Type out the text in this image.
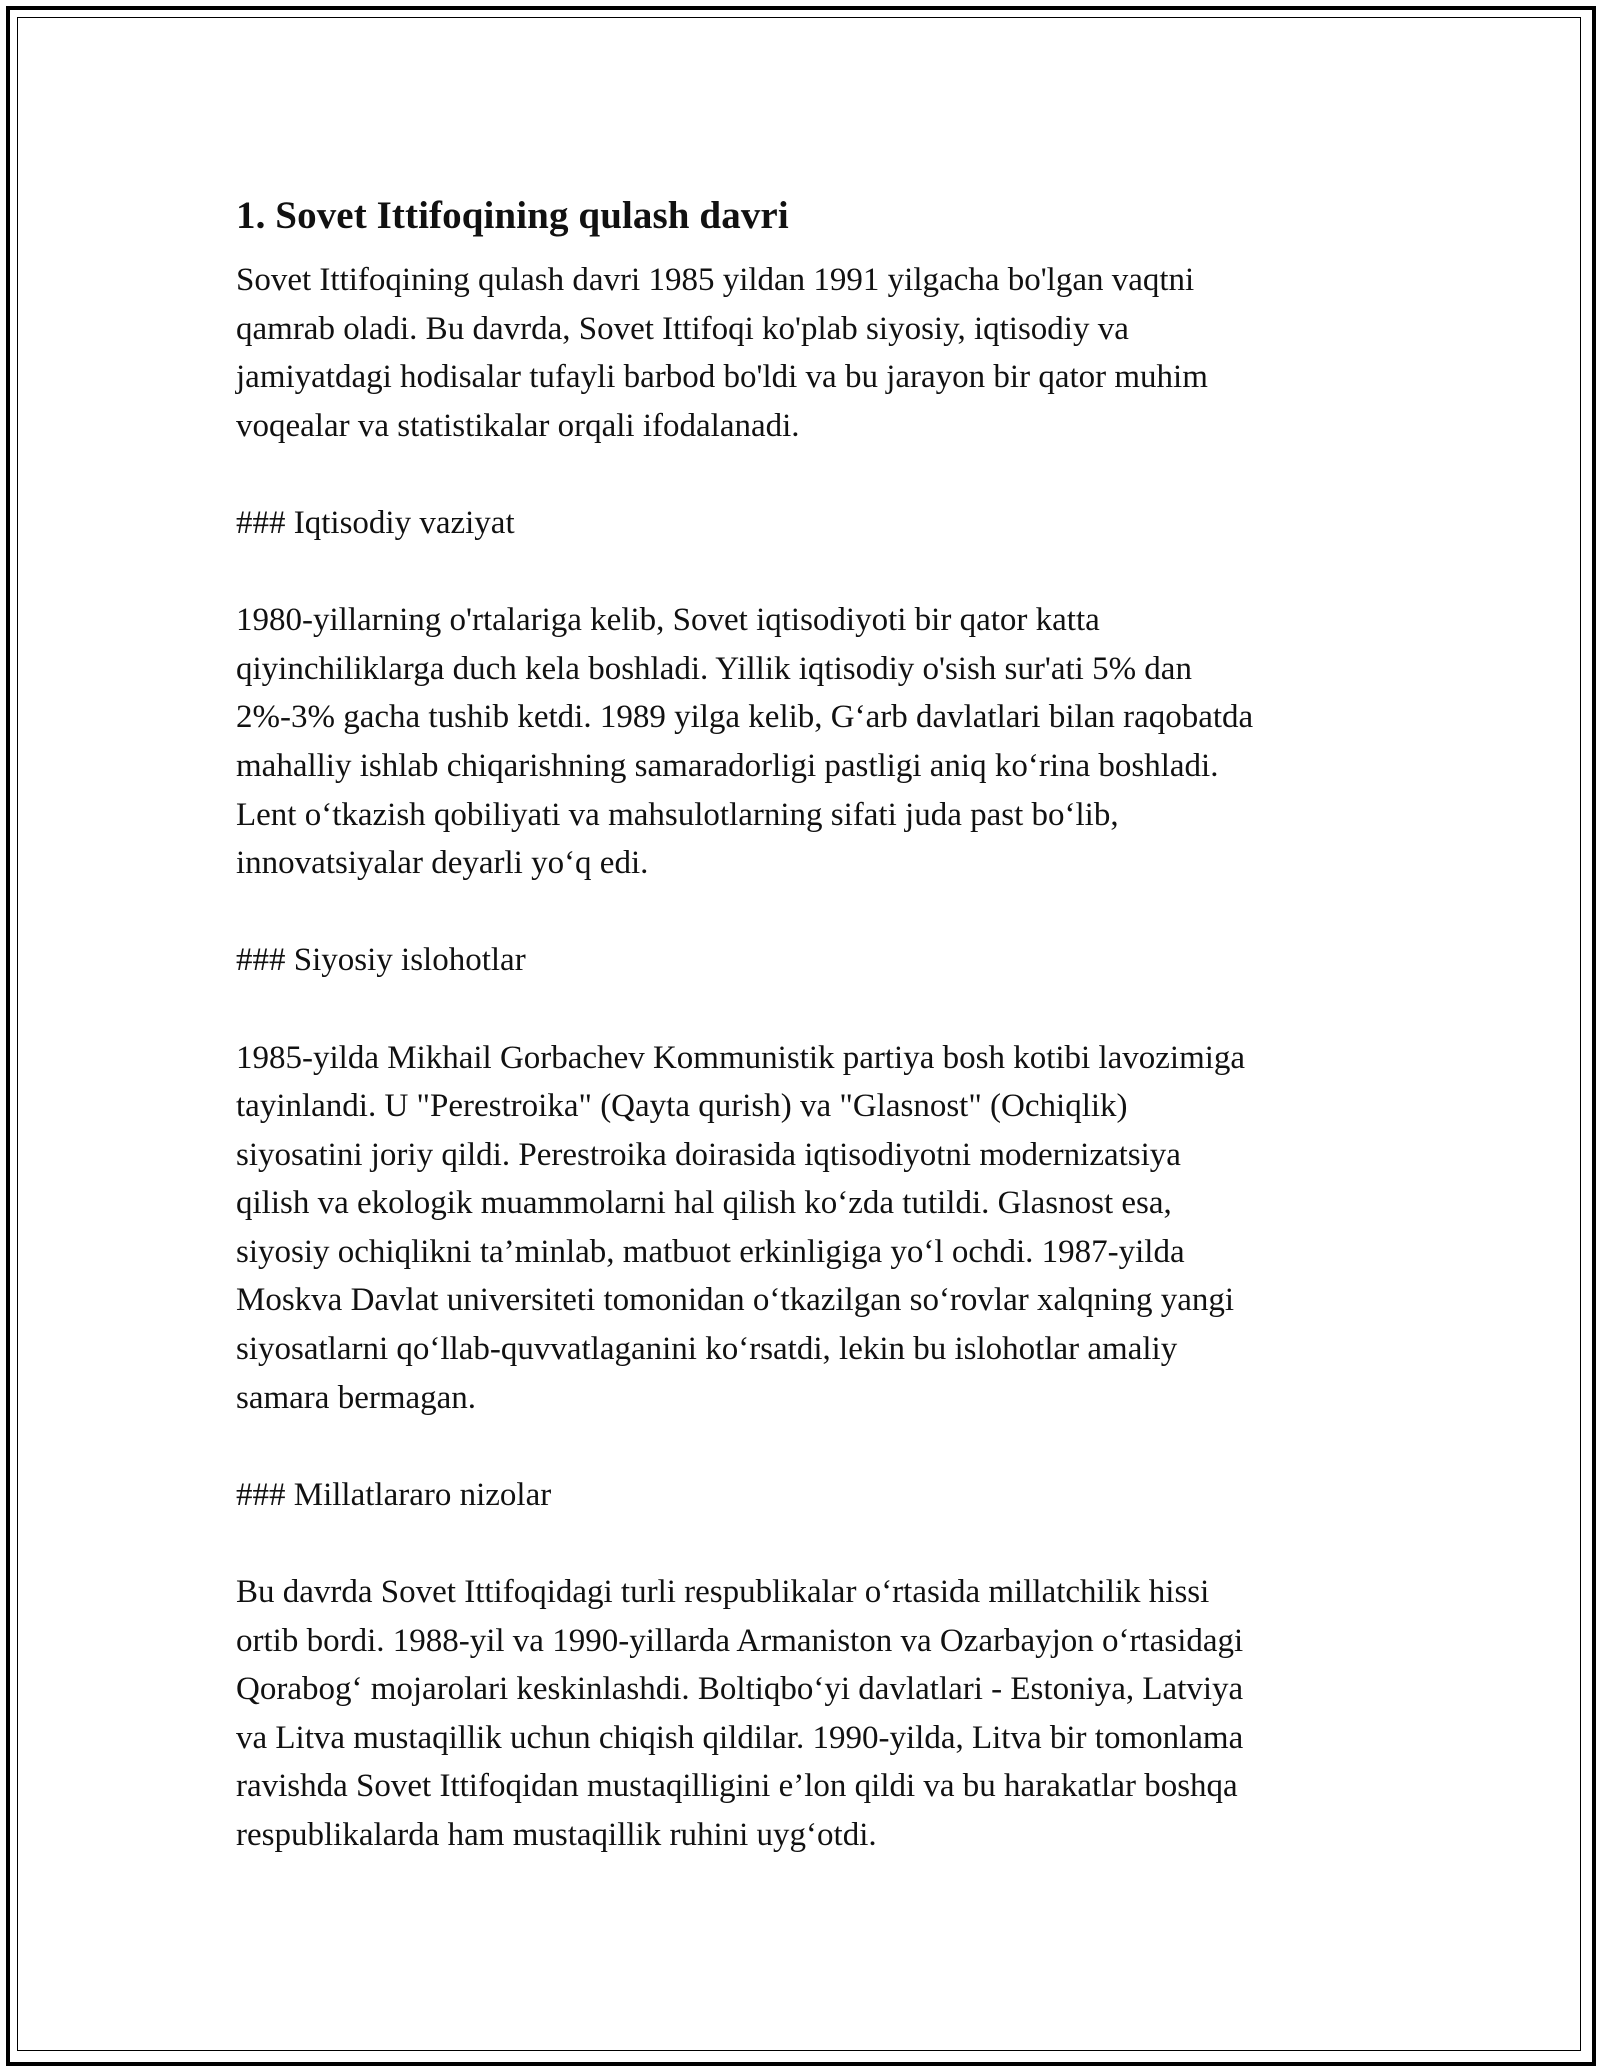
1. Sovet Ittifoqining qulash davri
Sovet Ittifoqining qulash davri 1985 yildan 1991 yilgacha bo'lgan vaqtni
qamrab oladi. Bu davrda, Sovet Ittifoqi ko'plab siyosiy, iqtisodiy va
jamiyatdagi hodisalar tufayli barbod bo'ldi va bu jarayon bir qator muhim
voqealar va statistikalar orqali ifodalanadi.
### Iqtisodiy vaziyat
1980-yillarning o'rtalariga kelib, Sovet iqtisodiyoti bir qator katta
qiyinchiliklarga duch kela boshladi. Yillik iqtisodiy o'sish sur'ati 5% dan
2%-3% gacha tushib ketdi. 1989 yilga kelib, G‘arb davlatlari bilan raqobatda
mahalliy ishlab chiqarishning samaradorligi pastligi aniq ko‘rina boshladi.
Lent o‘tkazish qobiliyati va mahsulotlarning sifati juda past bo‘lib,
innovatsiyalar deyarli yo‘q edi.
### Siyosiy islohotlar
1985-yilda Mikhail Gorbachev Kommunistik partiya bosh kotibi lavozimiga
tayinlandi. U "Perestroika" (Qayta qurish) va "Glasnost" (Ochiqlik)
siyosatini joriy qildi. Perestroika doirasida iqtisodiyotni modernizatsiya
qilish va ekologik muammolarni hal qilish ko‘zda tutildi. Glasnost esa,
siyosiy ochiqlikni ta’minlab, matbuot erkinligiga yo‘l ochdi. 1987-yilda
Moskva Davlat universiteti tomonidan o‘tkazilgan so‘rovlar xalqning yangi
siyosatlarni qo‘llab-quvvatlaganini ko‘rsatdi, lekin bu islohotlar amaliy
samara bermagan.
### Millatlararo nizolar
Bu davrda Sovet Ittifoqidagi turli respublikalar o‘rtasida millatchilik hissi
ortib bordi. 1988-yil va 1990-yillarda Armaniston va Ozarbayjon o‘rtasidagi
Qorabog‘ mojarolari keskinlashdi. Boltiqbo‘yi davlatlari - Estoniya, Latviya
va Litva mustaqillik uchun chiqish qildilar. 1990-yilda, Litva bir tomonlama
ravishda Sovet Ittifoqidan mustaqilligini e’lon qildi va bu harakatlar boshqa
respublikalarda ham mustaqillik ruhini uyg‘otdi.
